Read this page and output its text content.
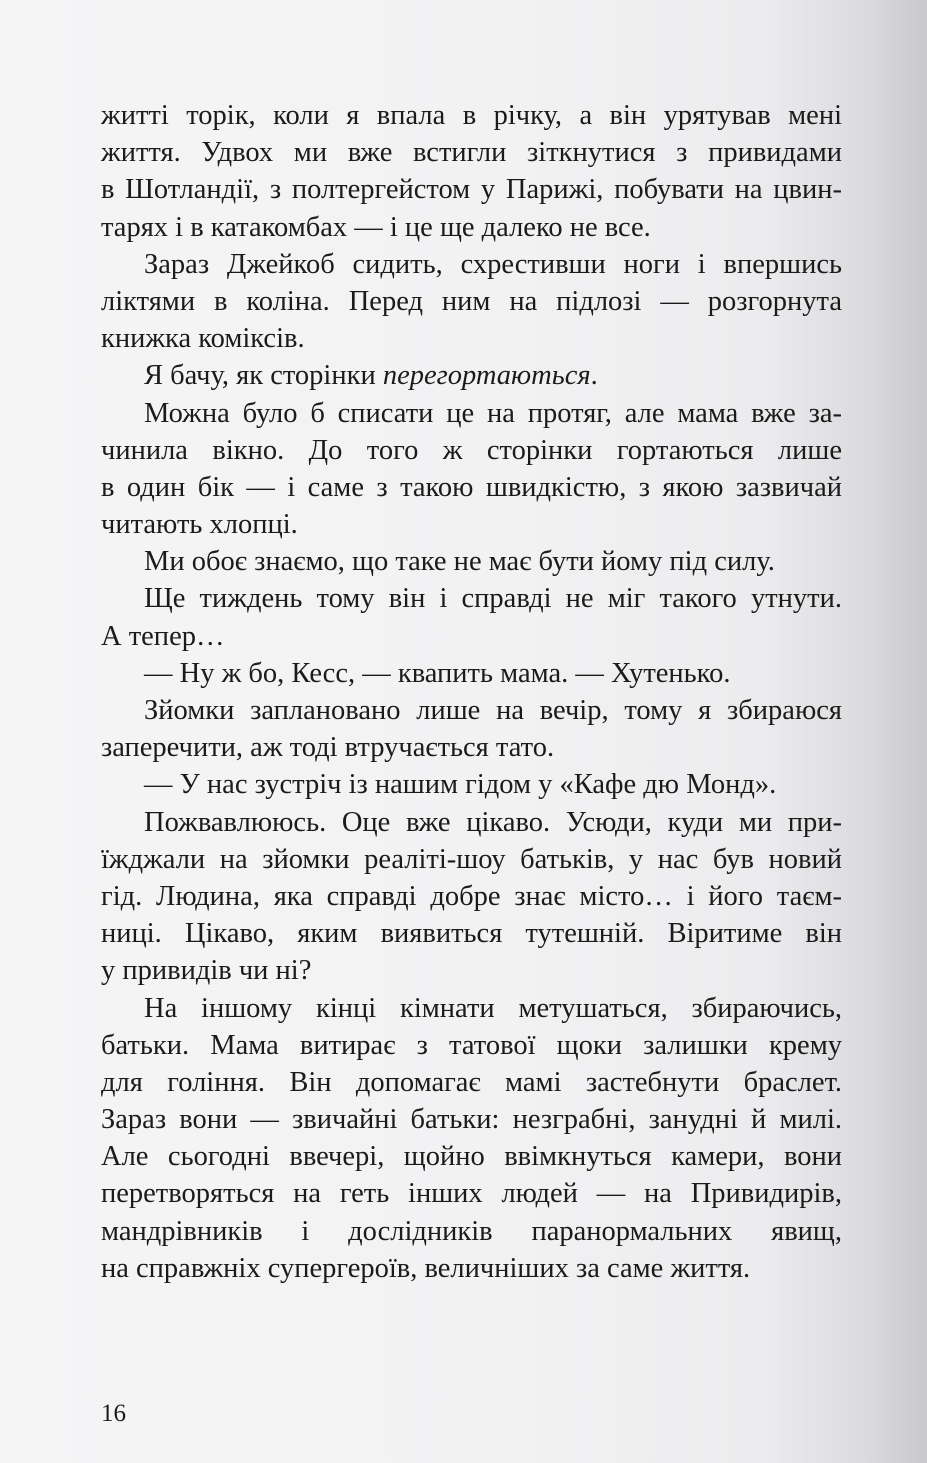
житті торік, коли я впала в річку, а він урятував мені
життя. Удвох ми вже встигли зіткнутися з привидами
в Шотландії, з полтергейстом у Парижі, побувати на цвин-
тарях і в катакомбах — і це ще далеко не все.
Зараз Джейкоб сидить, схрестивши ноги і впершись
ліктями в коліна. Перед ним на підлозі — розгорнута
книжка коміксів.
Я бачу, як сторінки перегортаються.
Можна було б списати це на протяг, але мама вже за-
чинила вікно. До того ж сторінки гортаються лише
в один бік — і саме з такою швидкістю, з якою зазвичай
читають хлопці.
Ми обоє знаємо, що таке не має бути йому під силу.
Ще тиждень тому він і справді не міг такого утнути.
А тепер…
— Ну ж бо, Кесс, — квапить мама. — Хутенько.
Зйомки заплановано лише на вечір, тому я збираюся
заперечити, аж тоді втручається тато.
— У нас зустріч із нашим гідом у «Кафе дю Монд».
Пожвавлююсь. Оце вже цікаво. Усюди, куди ми при-
їжджали на зйомки реаліті-шоу батьків, у нас був новий
гід. Людина, яка справді добре знає місто… і його таєм-
ниці. Цікаво, яким виявиться тутешній. Віритиме він
у привидів чи ні?
На іншому кінці кімнати метушаться, збираючись,
батьки. Мама витирає з татової щоки залишки крему
для гоління. Він допомагає мамі застебнути браслет.
Зараз вони — звичайні батьки: незграбні, занудні й милі.
Але сьогодні ввечері, щойно ввімкнуться камери, вони
перетворяться на геть інших людей — на Привидирів,
мандрівників і дослідників паранормальних явищ,
на справжніх супергероїв, величніших за саме життя.
16
